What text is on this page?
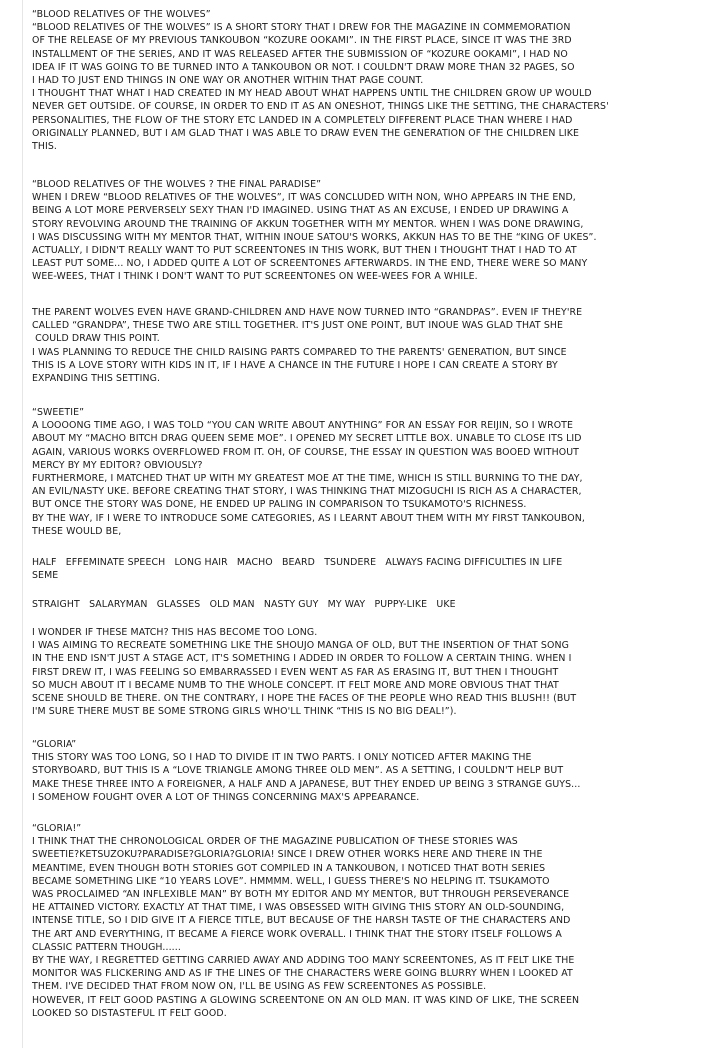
“BLOOD RELATIVES OF THE WOLVES”
“BLOOD RELATIVES OF THE WOLVES” IS A SHORT STORY THAT I DREW FOR THE MAGAZINE IN COMMEMORATION
OF THE RELEASE OF MY PREVIOUS TANKOUBON “KOZURE OOKAMI”. IN THE FIRST PLACE, SINCE IT WAS THE 3RD
INSTALLMENT OF THE SERIES, AND IT WAS RELEASED AFTER THE SUBMISSION OF “KOZURE OOKAMI”, I HAD NO
IDEA IF IT WAS GOING TO BE TURNED INTO A TANKOUBON OR NOT. I COULDN'T DRAW MORE THAN 32 PAGES, SO
I HAD TO JUST END THINGS IN ONE WAY OR ANOTHER WITHIN THAT PAGE COUNT.
I THOUGHT THAT WHAT I HAD CREATED IN MY HEAD ABOUT WHAT HAPPENS UNTIL THE CHILDREN GROW UP WOULD
NEVER GET OUTSIDE. OF COURSE, IN ORDER TO END IT AS AN ONESHOT, THINGS LIKE THE SETTING, THE CHARACTERS'
PERSONALITIES, THE FLOW OF THE STORY ETC LANDED IN A COMPLETELY DIFFERENT PLACE THAN WHERE I HAD
ORIGINALLY PLANNED, BUT I AM GLAD THAT I WAS ABLE TO DRAW EVEN THE GENERATION OF THE CHILDREN LIKE
THIS.
“BLOOD RELATIVES OF THE WOLVES ? THE FINAL PARADISE”
WHEN I DREW “BLOOD RELATIVES OF THE WOLVES”, IT WAS CONCLUDED WITH NON, WHO APPEARS IN THE END,
BEING A LOT MORE PERVERSELY SEXY THAN I'D IMAGINED. USING THAT AS AN EXCUSE, I ENDED UP DRAWING A
STORY REVOLVING AROUND THE TRAINING OF AKKUN TOGETHER WITH MY MENTOR. WHEN I WAS DONE DRAWING,
I WAS DISCUSSING WITH MY MENTOR THAT, WITHIN INOUE SATOU'S WORKS, AKKUN HAS TO BE THE “KING OF UKES”.
ACTUALLY, I DIDN'T REALLY WANT TO PUT SCREENTONES IN THIS WORK, BUT THEN I THOUGHT THAT I HAD TO AT
LEAST PUT SOME... NO, I ADDED QUITE A LOT OF SCREENTONES AFTERWARDS. IN THE END, THERE WERE SO MANY
WEE-WEES, THAT I THINK I DON'T WANT TO PUT SCREENTONES ON WEE-WEES FOR A WHILE.
THE PARENT WOLVES EVEN HAVE GRAND-CHILDREN AND HAVE NOW TURNED INTO “GRANDPAS”. EVEN IF THEY'RE
CALLED “GRANDPA”, THESE TWO ARE STILL TOGETHER. IT'S JUST ONE POINT, BUT INOUE WAS GLAD THAT SHE
COULD DRAW THIS POINT.
I WAS PLANNING TO REDUCE THE CHILD RAISING PARTS COMPARED TO THE PARENTS' GENERATION, BUT SINCE
THIS IS A LOVE STORY WITH KIDS IN IT, IF I HAVE A CHANCE IN THE FUTURE I HOPE I CAN CREATE A STORY BY
EXPANDING THIS SETTING.
“SWEETIE”
A LOOOONG TIME AGO, I WAS TOLD “YOU CAN WRITE ABOUT ANYTHING” FOR AN ESSAY FOR REIJIN, SO I WROTE
ABOUT MY “MACHO BITCH DRAG QUEEN SEME MOE”. I OPENED MY SECRET LITTLE BOX. UNABLE TO CLOSE ITS LID
AGAIN, VARIOUS WORKS OVERFLOWED FROM IT. OH, OF COURSE, THE ESSAY IN QUESTION WAS BOOED WITHOUT
MERCY BY MY EDITOR? OBVIOUSLY?
FURTHERMORE, I MATCHED THAT UP WITH MY GREATEST MOE AT THE TIME, WHICH IS STILL BURNING TO THE DAY,
AN EVIL/NASTY UKE. BEFORE CREATING THAT STORY, I WAS THINKING THAT MIZOGUCHI IS RICH AS A CHARACTER,
BUT ONCE THE STORY WAS DONE, HE ENDED UP PALING IN COMPARISON TO TSUKAMOTO'S RICHNESS.
BY THE WAY, IF I WERE TO INTRODUCE SOME CATEGORIES, AS I LEARNT ABOUT THEM WITH MY FIRST TANKOUBON,
THESE WOULD BE,
HALF   EFFEMINATE SPEECH   LONG HAIR   MACHO   BEARD   TSUNDERE   ALWAYS FACING DIFFICULTIES IN LIFE
SEME
STRAIGHT   SALARYMAN   GLASSES   OLD MAN   NASTY GUY   MY WAY   PUPPY-LIKE   UKE
I WONDER IF THESE MATCH? THIS HAS BECOME TOO LONG.
I WAS AIMING TO RECREATE SOMETHING LIKE THE SHOUJO MANGA OF OLD, BUT THE INSERTION OF THAT SONG
IN THE END ISN'T JUST A STAGE ACT, IT'S SOMETHING I ADDED IN ORDER TO FOLLOW A CERTAIN THING. WHEN I
FIRST DREW IT, I WAS FEELING SO EMBARRASSED I EVEN WENT AS FAR AS ERASING IT, BUT THEN I THOUGHT
SO MUCH ABOUT IT I BECAME NUMB TO THE WHOLE CONCEPT. IT FELT MORE AND MORE OBVIOUS THAT THAT
SCENE SHOULD BE THERE. ON THE CONTRARY, I HOPE THE FACES OF THE PEOPLE WHO READ THIS BLUSH!! (BUT
I'M SURE THERE MUST BE SOME STRONG GIRLS WHO'LL THINK “THIS IS NO BIG DEAL!”).
“GLORIA”
THIS STORY WAS TOO LONG, SO I HAD TO DIVIDE IT IN TWO PARTS. I ONLY NOTICED AFTER MAKING THE
STORYBOARD, BUT THIS IS A “LOVE TRIANGLE AMONG THREE OLD MEN”. AS A SETTING, I COULDN'T HELP BUT
MAKE THESE THREE INTO A FOREIGNER, A HALF AND A JAPANESE, BUT THEY ENDED UP BEING 3 STRANGE GUYS...
I SOMEHOW FOUGHT OVER A LOT OF THINGS CONCERNING MAX'S APPEARANCE.
“GLORIA!”
I THINK THAT THE CHRONOLOGICAL ORDER OF THE MAGAZINE PUBLICATION OF THESE STORIES WAS
SWEETIE?KETSUZOKU?PARADISE?GLORIA?GLORIA! SINCE I DREW OTHER WORKS HERE AND THERE IN THE
MEANTIME, EVEN THOUGH BOTH STORIES GOT COMPILED IN A TANKOUBON, I NOTICED THAT BOTH SERIES
BECAME SOMETHING LIKE “10 YEARS LOVE”. HMMMM. WELL, I GUESS THERE'S NO HELPING IT. TSUKAMOTO
WAS PROCLAIMED “AN INFLEXIBLE MAN” BY BOTH MY EDITOR AND MY MENTOR, BUT THROUGH PERSEVERANCE
HE ATTAINED VICTORY. EXACTLY AT THAT TIME, I WAS OBSESSED WITH GIVING THIS STORY AN OLD-SOUNDING,
INTENSE TITLE, SO I DID GIVE IT A FIERCE TITLE, BUT BECAUSE OF THE HARSH TASTE OF THE CHARACTERS AND
THE ART AND EVERYTHING, IT BECAME A FIERCE WORK OVERALL. I THINK THAT THE STORY ITSELF FOLLOWS A
CLASSIC PATTERN THOUGH......
BY THE WAY, I REGRETTED GETTING CARRIED AWAY AND ADDING TOO MANY SCREENTONES, AS IT FELT LIKE THE
MONITOR WAS FLICKERING AND AS IF THE LINES OF THE CHARACTERS WERE GOING BLURRY WHEN I LOOKED AT
THEM. I'VE DECIDED THAT FROM NOW ON, I'LL BE USING AS FEW SCREENTONES AS POSSIBLE.
HOWEVER, IT FELT GOOD PASTING A GLOWING SCREENTONE ON AN OLD MAN. IT WAS KIND OF LIKE, THE SCREEN
LOOKED SO DISTASTEFUL IT FELT GOOD.
